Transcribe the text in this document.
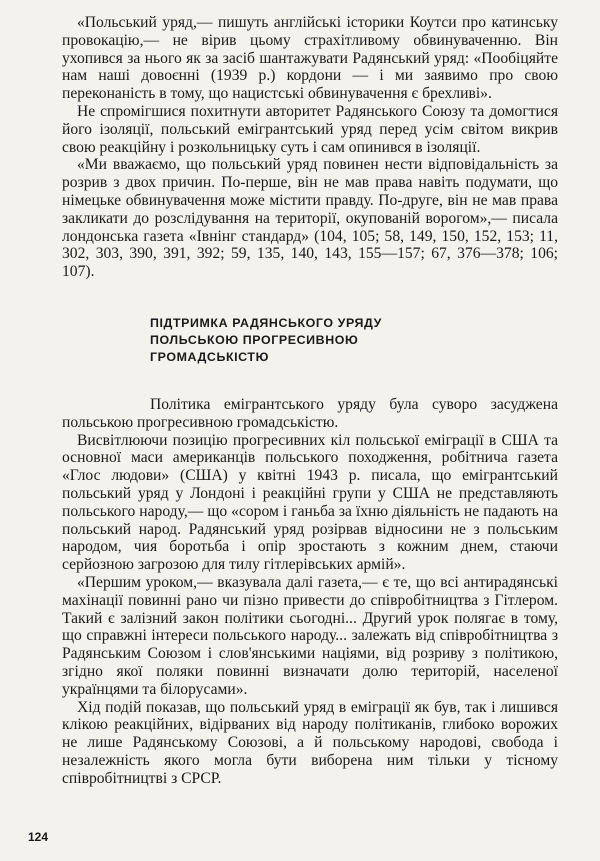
«Польський уряд,— пишуть англійські історики Коутси про катинську провокацію,— не вірив цьому страхітливому обвинуваченню. Він ухопився за нього як за засіб шантажувати Радянський уряд: «Пообіцяйте нам наші довоєнні (1939 р.) кордони — і ми заявимо про свою переконаність в тому, що нацистські обвинувачення є брехливі».

Не спромігшися похитнути авторитет Радянського Союзу та домогтися його ізоляції, польський емігрантський уряд перед усім світом викрив свою реакційну і розкольницьку суть і сам опинився в ізоляції.

«Ми вважаємо, що польський уряд повинен нести відповідальність за розрив з двох причин. По-перше, він не мав права навіть подумати, що німецьке обвинувачення може містити правду. По-друге, він не мав права закликати до розслідування на території, окупованій ворогом»,— писала лондонська газета «Івнінг стандард» (104, 105; 58, 149, 150, 152, 153; 11, 302, 303, 390, 391, 392; 59, 135, 140, 143, 155—157; 67, 376—378; 106; 107).

ПІДТРИМКА РАДЯНСЬКОГО УРЯДУ
ПОЛЬСЬКОЮ ПРОГРЕСИВНОЮ
ГРОМАДСЬКІСТЮ

Політика емігрантського уряду була суворо засуджена польською прогресивною громадськістю.

Висвітлюючи позицію прогресивних кіл польської еміграції в США та основної маси американців польського походження, робітнича газета «Глос людови» (США) у квітні 1943 р. писала, що емігрантський польський уряд у Лондоні і реакційні групи у США не представляють польського народу,— що «сором і ганьба за їхню діяльність не падають на польський народ. Радянський уряд розірвав відносини не з польським народом, чия боротьба і опір зростають з кожним днем, стаючи серйозною загрозою для тилу гітлерівських армій».

«Першим уроком,— вказувала далі газета,— є те, що всі антирадянські махінації повинні рано чи пізно привести до співробітництва з Гітлером. Такий є залізний закон політики сьогодні... Другий урок полягає в тому, що справжні інтереси польського народу... залежать від співробітництва з Радянським Союзом і слов'янськими націями, від розриву з політикою, згідно якої поляки повинні визначати долю територій, населеної українцями та білорусами».

Хід подій показав, що польський уряд в еміграції як був, так і лишився клікою реакційних, відірваних від народу політиканів, глибоко ворожих не лише Радянському Союзові, а й польському народові, свобода і незалежність якого могла бути виборена ним тільки у тісному співробітництві з СРСР.

124
